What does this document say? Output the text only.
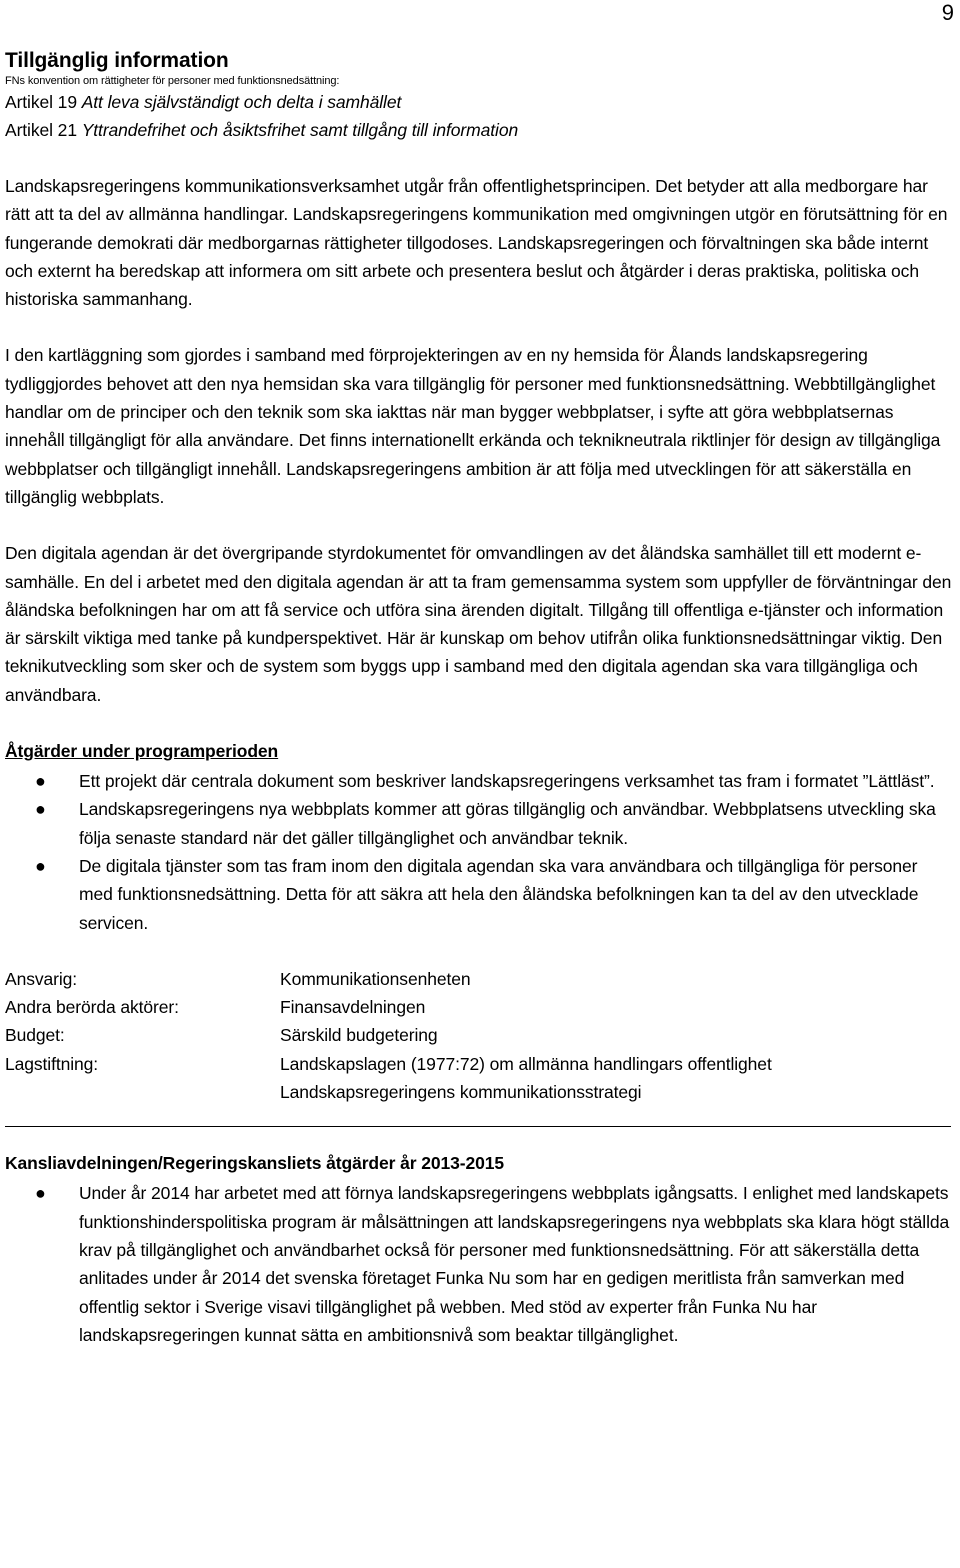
9
Tillgänglig information
FNs konvention om rättigheter för personer med funktionsnedsättning:
Artikel 19 Att leva självständigt och delta i samhället
Artikel 21 Yttrandefrihet och åsiktsfrihet samt tillgång till information

Landskapsregeringens kommunikationsverksamhet utgår från offentlighetsprincipen. Det betyder att alla medborgare har rätt att ta del av allmänna handlingar. Landskapsregeringens kommunikation med omgivningen utgör en förutsättning för en fungerande demokrati där medborgarnas rättigheter tillgodoses. Landskapsregeringen och förvaltningen ska både internt och externt ha beredskap att informera om sitt arbete och presentera beslut och åtgärder i deras praktiska, politiska och historiska sammanhang.

I den kartläggning som gjordes i samband med förprojekteringen av en ny hemsida för Ålands landskapsregering tydliggjordes behovet att den nya hemsidan ska vara tillgänglig för personer med funktionsnedsättning. Webbtillgänglighet handlar om de principer och den teknik som ska iakttas när man bygger webbplatser, i syfte att göra webbplatsernas innehåll tillgängligt för alla användare. Det finns internationellt erkända och teknikneutrala riktlinjer för design av tillgängliga webbplatser och tillgängligt innehåll. Landskapsregeringens ambition är att följa med utvecklingen för att säkerställa en tillgänglig webbplats.

Den digitala agendan är det övergripande styrdokumentet för omvandlingen av det åländska samhället till ett modernt e-samhälle. En del i arbetet med den digitala agendan är att ta fram gemensamma system som uppfyller de förväntningar den åländska befolkningen har om att få service och utföra sina ärenden digitalt. Tillgång till offentliga e-tjänster och information är särskilt viktiga med tanke på kundperspektivet. Här är kunskap om behov utifrån olika funktionsnedsättningar viktig. Den teknikutveckling som sker och de system som byggs upp i samband med den digitala agendan ska vara tillgängliga och användbara.

Åtgärder under programperioden
● Ett projekt där centrala dokument som beskriver landskapsregeringens verksamhet tas fram i formatet ”Lättläst”.
● Landskapsregeringens nya webbplats kommer att göras tillgänglig och användbar. Webbplatsens utveckling ska följa senaste standard när det gäller tillgänglighet och användbar teknik.
● De digitala tjänster som tas fram inom den digitala agendan ska vara användbara och tillgängliga för personer med funktionsnedsättning. Detta för att säkra att hela den åländska befolkningen kan ta del av den utvecklade servicen.
Ansvarig:	Kommunikationsenheten
Andra berörda aktörer:	Finansavdelningen
Budget:	Särskild budgetering
Lagstiftning:	Landskapslagen (1977:72) om allmänna handlingars offentlighet
	Landskapsregeringens kommunikationsstrategi
Kansliavdelningen/Regeringskansliets åtgärder år 2013-2015
● Under år 2014 har arbetet med att förnya landskapsregeringens webbplats igångsatts. I enlighet med landskapets funktionshinderspolitiska program är målsättningen att landskapsregeringens nya webbplats ska klara högt ställda krav på tillgänglighet och användbarhet också för personer med funktionsnedsättning. För att säkerställa detta anlitades under år 2014 det svenska företaget Funka Nu som har en gedigen meritlista från samverkan med offentlig sektor i Sverige visavi tillgänglighet på webben. Med stöd av experter från Funka Nu har landskapsregeringen kunnat sätta en ambitionsnivå som beaktar tillgänglighet.
